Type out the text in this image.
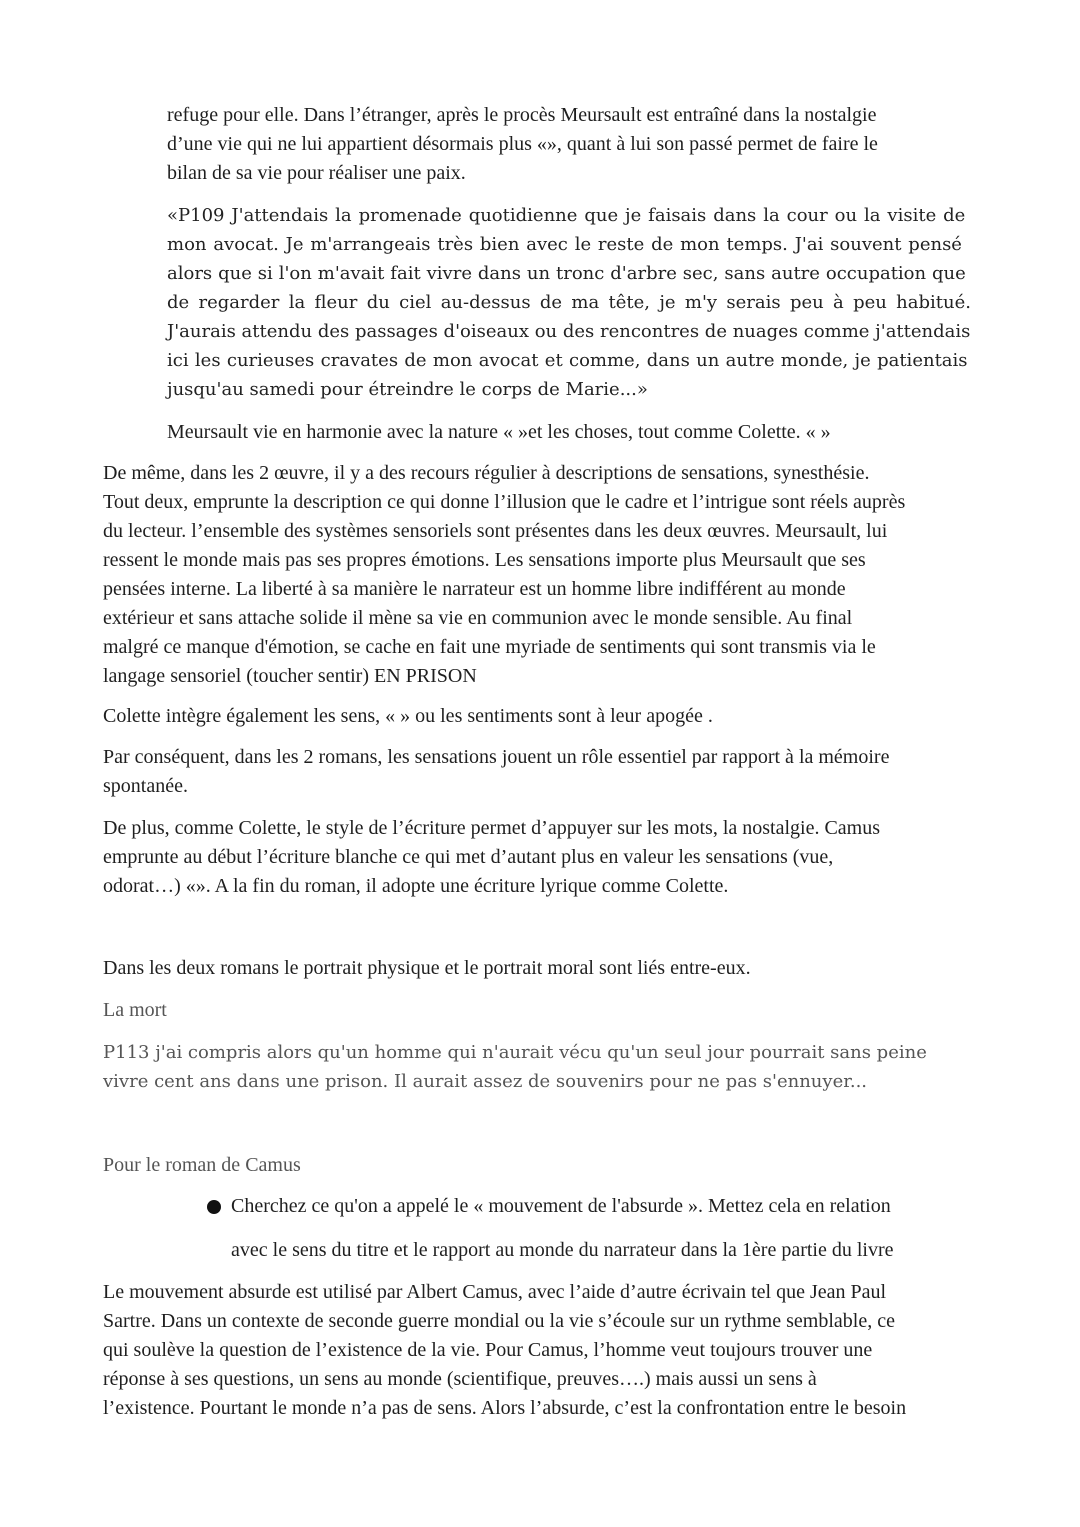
refuge pour elle. Dans l’étranger, après le procès Meursault est entraîné dans la nostalgie
d’une vie qui ne lui appartient désormais plus «», quant à lui son passé permet de faire le
bilan de sa vie pour réaliser une paix.
«P109 J'attendais la promenade quotidienne que je faisais dans la cour ou la visite de
mon avocat. Je m'arrangeais très bien avec le reste de mon temps. J'ai souvent pensé
alors que si l'on m'avait fait vivre dans un tronc d'arbre sec, sans autre occupation que
de regarder la fleur du ciel au-dessus de ma tête, je m'y serais peu à peu habitué.
J'aurais attendu des passages d'oiseaux ou des rencontres de nuages comme j'attendais
ici les curieuses cravates de mon avocat et comme, dans un autre monde, je patientais
jusqu'au samedi pour étreindre le corps de Marie...»
Meursault vie en harmonie avec la nature « »et les choses, tout comme Colette. « »
De même, dans les 2 œuvre, il y a des recours régulier à descriptions de sensations, synesthésie.
Tout deux, emprunte la description ce qui donne l’illusion que le cadre et l’intrigue sont réels auprès
du lecteur. l’ensemble des systèmes sensoriels sont présentes dans les deux œuvres. Meursault, lui
ressent le monde mais pas ses propres émotions. Les sensations importe plus Meursault que ses
pensées interne. La liberté à sa manière le narrateur est un homme libre indifférent au monde
extérieur et sans attache solide il mène sa vie en communion avec le monde sensible. Au final
malgré ce manque d'émotion, se cache en fait une myriade de sentiments qui sont transmis via le
langage sensoriel (toucher sentir) EN PRISON
Colette intègre également les sens, « » ou les sentiments sont à leur apogée .
Par conséquent, dans les 2 romans, les sensations jouent un rôle essentiel par rapport à la mémoire
spontanée.
De plus, comme Colette, le style de l’écriture permet d’appuyer sur les mots, la nostalgie. Camus
emprunte au début l’écriture blanche ce qui met d’autant plus en valeur les sensations (vue,
odorat…) «». A la fin du roman, il adopte une écriture lyrique comme Colette.
Dans les deux romans le portrait physique et le portrait moral sont liés entre-eux.
La mort
P113 j'ai compris alors qu'un homme qui n'aurait vécu qu'un seul jour pourrait sans peine
vivre cent ans dans une prison. Il aurait assez de souvenirs pour ne pas s'ennuyer...
Pour le roman de Camus
Cherchez ce qu'on a appelé le « mouvement de l'absurde ». Mettez cela en relation
avec le sens du titre et le rapport au monde du narrateur dans la 1ère partie du livre
Le mouvement absurde est utilisé par Albert Camus, avec l’aide d’autre écrivain tel que Jean Paul
Sartre. Dans un contexte de seconde guerre mondial ou la vie s’écoule sur un rythme semblable, ce
qui soulève la question de l’existence de la vie. Pour Camus, l’homme veut toujours trouver une
réponse à ses questions, un sens au monde (scientifique, preuves….) mais aussi un sens à
l’existence. Pourtant le monde n’a pas de sens. Alors l’absurde, c’est la confrontation entre le besoin
